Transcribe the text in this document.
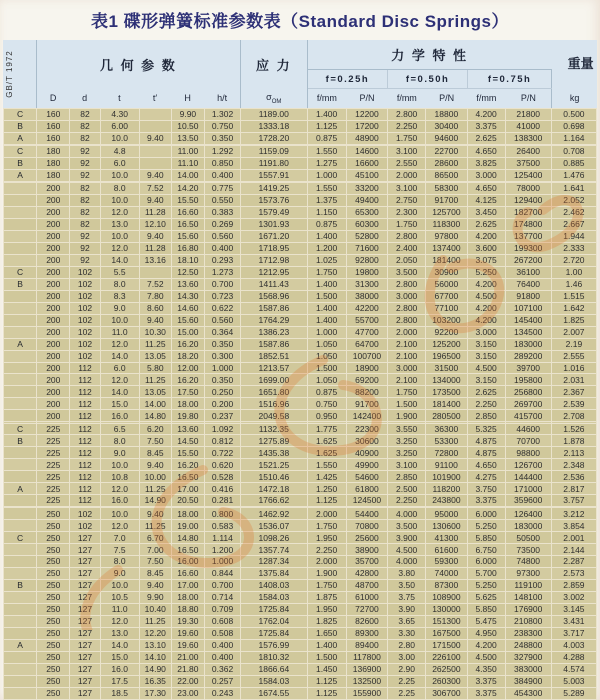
表1 碟形弹簧标准参数表（Standard Disc Springs）
GB/T 1972	几 何 参 数						应 力	力 学 特 性						重量
								f=0.25h		f=0.50h		f=0.75h		
	D	d	t	t′	H	h/t	$\sigma_{OM}$	f/mm	P/N	f/mm	P/N	f/mm	P/N	kg
C	160	82	4.30		9.90	1.302	1189.00	1.400	12200	2.800	18800	4.200	21800	0.500
B	160	82	6.00		10.50	0.750	1333.18	1.125	17200	2.250	30400	3.375	41000	0.698
A	160	82	10.0	9.40	13.50	0.350	1728.20	0.875	48900	1.750	94600	2.625	138300	1.164

C	180	92	4.8		11.00	1.292	1159.09	1.550	14600	3.100	22700	4.650	26400	0.708
B	180	92	6.0		11.10	0.850	1191.80	1.275	16600	2.550	28600	3.825	37500	0.885
A	180	92	10.0	9.40	14.00	0.400	1557.91	1.000	45100	2.000	86500	3.000	125400	1.476

	200	82	8.0	7.52	14.20	0.775	1419.25	1.550	33200	3.100	58300	4.650	78000	1.641
	200	82	10.0	9.40	15.50	0.550	1573.76	1.375	49400	2.750	91700	4.125	129400	2.052
	200	82	12.0	11.28	16.60	0.383	1579.49	1.150	65300	2.300	125700	3.450	182700	2.462
	200	82	13.0	12.10	16.50	0.269	1301.93	0.875	60300	1.750	118300	2.625	174800	2.667
	200	92	10.0	9.40	15.60	0.560	1671.20	1.400	52800	2.800	97800	4.200	137700	1.944
	200	92	12.0	11.28	16.80	0.400	1718.95	1.200	71600	2.400	137400	3.600	199300	2.333
	200	92	14.0	13.16	18.10	0.293	1712.98	1.025	92800	2.050	181400	3.075	267200	2.720
C	200	102	5.5		12.50	1.273	1212.95	1.750	19800	3.500	30900	5.250	36100	1.00
B	200	102	8.0	7.52	13.60	0.700	1411.43	1.400	31300	2.800	56000	4.200	76400	1.46
	200	102	8.3	7.80	14.30	0.723	1568.96	1.500	38000	3.000	67700	4.500	91800	1.515
	200	102	9.0	8.60	14.60	0.622	1587.86	1.400	42200	2.800	77100	4.200	107100	1.642
	200	102	10.0	9.40	15.60	0.560	1764.29	1.400	55700	2.800	103200	4.200	145400	1.825
	200	102	11.0	10.30	15.00	0.364	1386.23	1.000	47700	2.000	92200	3.000	134500	2.007
A	200	102	12.0	11.25	16.20	0.350	1587.86	1.050	64700	2.100	125200	3.150	183000	2.19
	200	102	14.0	13.05	18.20	0.300	1852.51	1.050	100700	2.100	196500	3.150	289200	2.555
	200	112	6.0	5.80	12.00	1.000	1213.57	1.500	18900	3.000	31500	4.500	39700	1.016
	200	112	12.0	11.25	16.20	0.350	1699.00	1.050	69200	2.100	134000	3.150	195800	2.031
	200	112	14.0	13.05	17.50	0.250	1651.80	0.875	88200	1.750	173500	2.625	256800	2.367
	200	112	15.0	14.00	18.00	0.200	1516.96	0.750	91700	1.500	181400	2.250	269700	2.539
	200	112	16.0	14.80	19.80	0.237	2049.58	0.950	142400	1.900	280500	2.850	415700	2.708

C	225	112	6.5	6.20	13.60	1.092	1132.35	1.775	22300	3.550	36300	5.325	44600	1.526
B	225	112	8.0	7.50	14.50	0.812	1275.89	1.625	30600	3.250	53300	4.875	70700	1.878
	225	112	9.0	8.45	15.50	0.722	1435.38	1.625	40900	3.250	72800	4.875	98800	2.113
	225	112	10.0	9.40	16.20	0.620	1521.25	1.550	49900	3.100	91100	4.650	126700	2.348
	225	112	10.8	10.00	16.50	0.528	1510.46	1.425	54600	2.850	101900	4.275	144400	2.536
A	225	112	12.0	11.25	17.00	0.416	1472.18	1.250	61800	2.500	118200	3.750	171000	2.817
	225	112	16.0	14.90	20.50	0.281	1766.62	1.125	124500	2.250	243800	3.375	359600	3.757

	250	102	10.0	9.40	18.00	0.800	1462.92	2.000	54400	4.000	95000	6.000	126400	3.212
	250	102	12.0	11.25	19.00	0.583	1536.07	1.750	70800	3.500	130600	5.250	183000	3.854
C	250	127	7.0	6.70	14.80	1.114	1098.26	1.950	25600	3.900	41300	5.850	50500	2.001
	250	127	7.5	7.00	16.50	1.200	1357.74	2.250	38900	4.500	61600	6.750	73500	2.144
	250	127	8.0	7.50	16.00	1.000	1287.34	2.000	35700	4.000	59300	6.000	74800	2.287
	250	127	9.0	8.45	16.60	0.844	1375.84	1.900	42800	3.80	74000	5.700	97300	2.573
B	250	127	10.0	9.40	17.00	0.700	1408.03	1.750	48700	3.50	87300	5.250	119100	2.859
	250	127	10.5	9.90	18.00	0.714	1584.03	1.875	61000	3.75	108900	5.625	148100	3.002
	250	127	11.0	10.40	18.80	0.709	1725.84	1.950	72700	3.90	130000	5.850	176900	3.145
	250	127	12.0	11.25	19.30	0.608	1762.04	1.825	82600	3.65	151300	5.475	210800	3.431
	250	127	13.0	12.20	19.60	0.508	1725.84	1.650	89300	3.30	167500	4.950	238300	3.717
A	250	127	14.0	13.10	19.60	0.400	1576.99	1.400	89400	2.80	171500	4.200	248800	4.003
	250	127	15.0	14.10	21.00	0.400	1810.32	1.500	117800	3.00	226100	4.500	327900	4.288
	250	127	16.0	14.90	21.80	0.362	1866.64	1.450	136900	2.90	262500	4.350	383000	4.574
	250	127	17.5	16.35	22.00	0.257	1584.03	1.125	132500	2.25	260300	3.375	384900	5.003
	250	127	18.5	17.30	23.00	0.243	1674.55	1.125	155900	2.25	306700	3.375	454300	5.289
